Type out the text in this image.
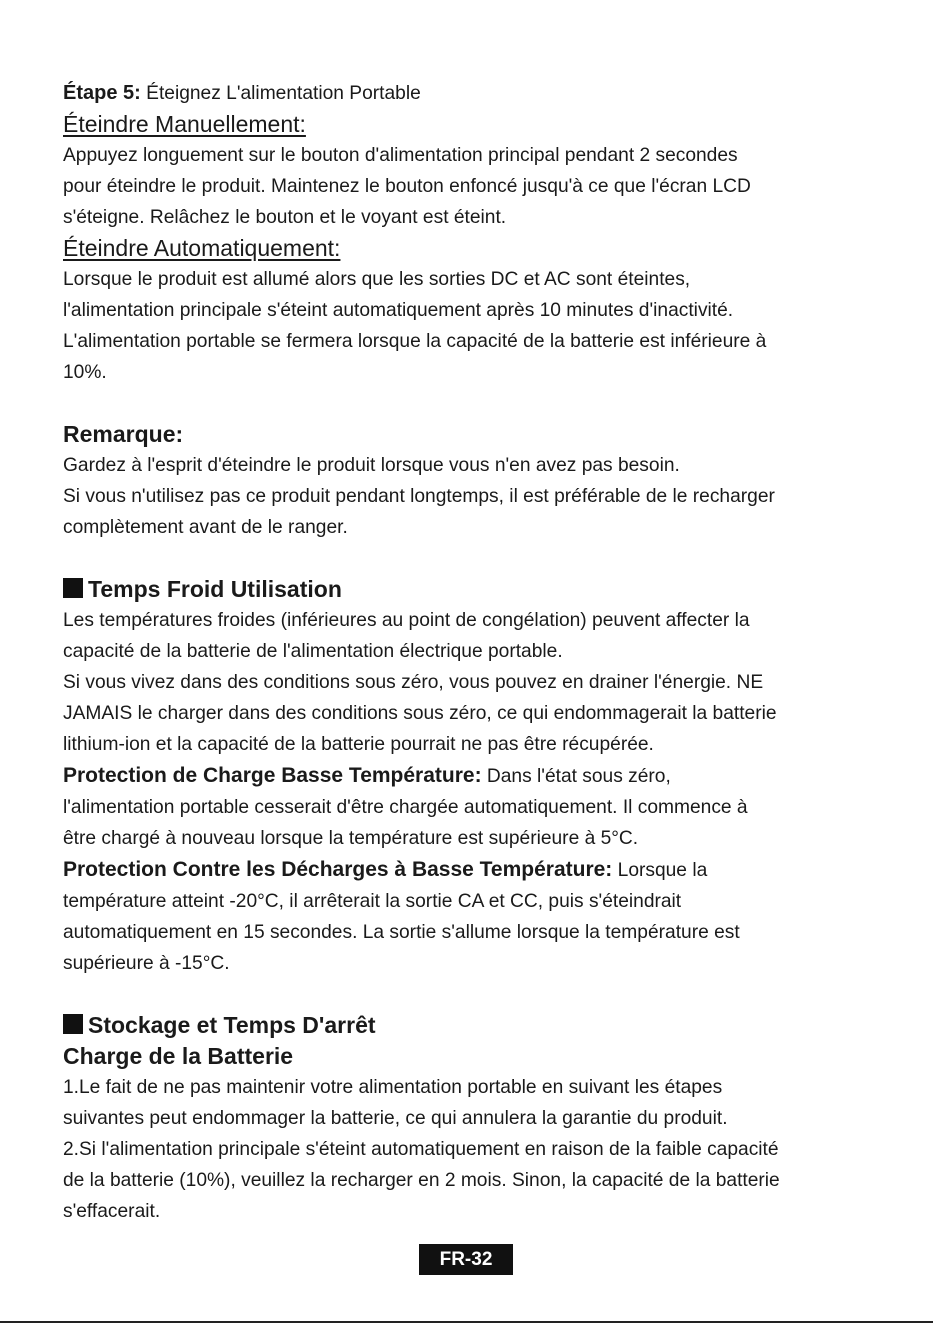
Étape 5: Éteignez L'alimentation Portable

Éteindre Manuellement:

Appuyez longuement sur le bouton d'alimentation principal pendant 2 secondes

pour éteindre le produit. Maintenez le bouton enfoncé jusqu'à ce que l'écran LCD

s'éteigne. Relâchez le bouton et le voyant est éteint.

Éteindre Automatiquement:

Lorsque le produit est allumé alors que les sorties DC et AC sont éteintes,

l'alimentation principale s'éteint automatiquement après 10 minutes d'inactivité.

L'alimentation portable se fermera lorsque la capacité de la batterie est inférieure à

10%.

Remarque:

Gardez à l'esprit d'éteindre le produit lorsque vous n'en avez pas besoin.

Si vous n'utilisez pas ce produit pendant longtemps, il est préférable de le recharger

complètement avant de le ranger.

Temps Froid Utilisation

Les températures froides (inférieures au point de congélation) peuvent affecter la

capacité de la batterie de l'alimentation électrique portable.

Si vous vivez dans des conditions sous zéro, vous pouvez en drainer l'énergie. NE

JAMAIS le charger dans des conditions sous zéro, ce qui endommagerait la batterie

lithium-ion et la capacité de la batterie pourrait ne pas être récupérée.

Protection de Charge Basse Température: Dans l'état sous zéro,

l'alimentation portable cesserait d'être chargée automatiquement. Il commence à

être chargé à nouveau lorsque la température est supérieure à 5°C.

Protection Contre les Décharges à Basse Température: Lorsque la

température atteint -20°C, il arrêterait la sortie CA et CC, puis s'éteindrait

automatiquement en 15 secondes. La sortie s'allume lorsque la température est

supérieure à -15°C.

Stockage et Temps D'arrêt

Charge de la Batterie

1.Le fait de ne pas maintenir votre alimentation portable en suivant les étapes

suivantes peut endommager la batterie, ce qui annulera la garantie du produit.

2.Si l'alimentation principale s'éteint automatiquement en raison de la faible capacité

de la batterie (10%), veuillez la recharger en 2 mois. Sinon, la capacité de la batterie

s'effacerait.

FR-32
